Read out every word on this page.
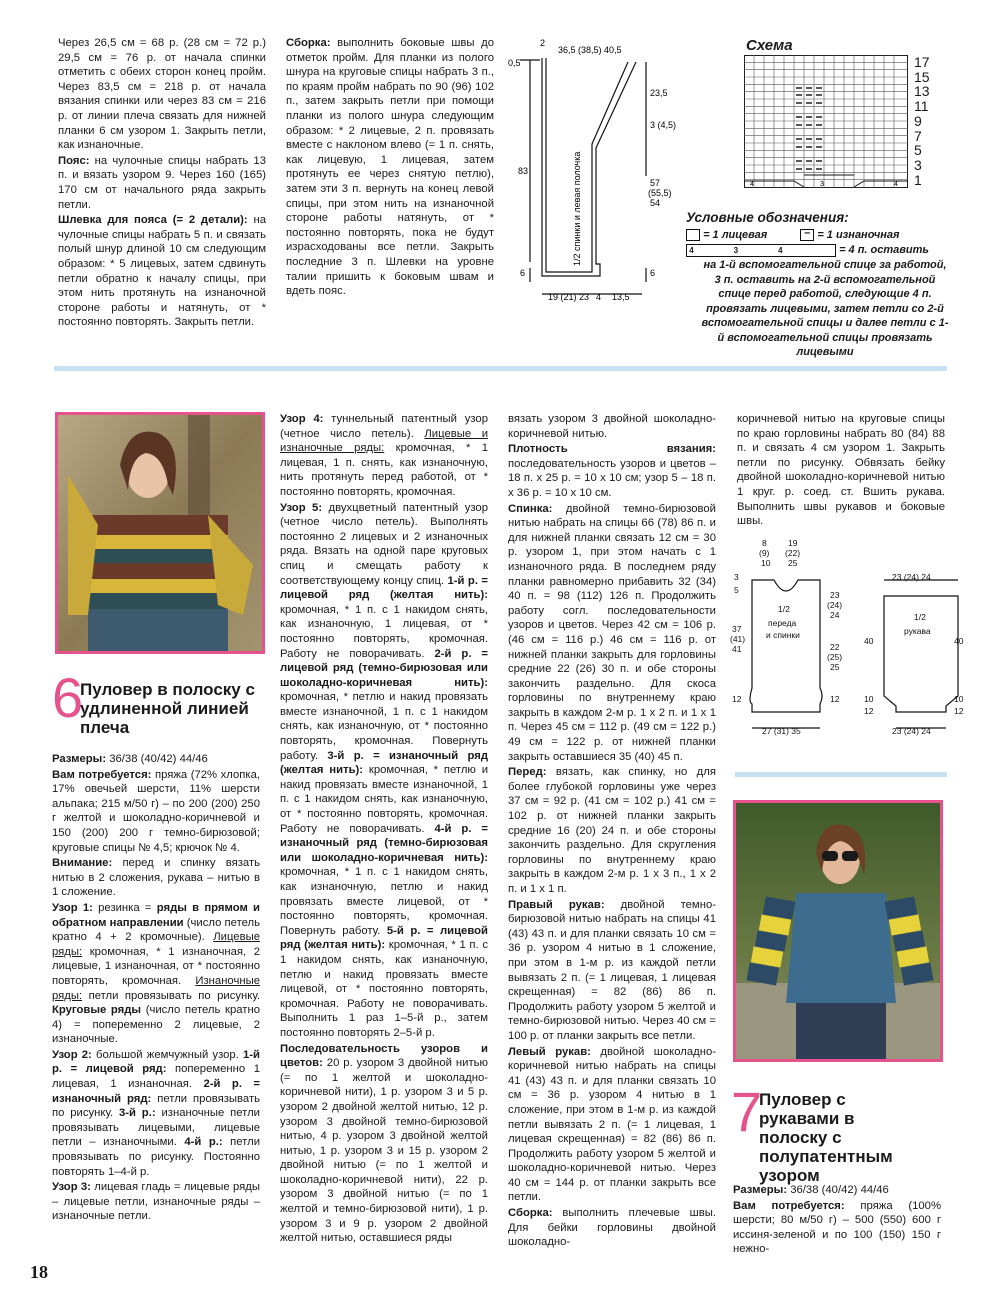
Через 26,5 см = 68 р. (28 см = 72 р.) 29,5 см = 76 р. от начала спинки отметить с обеих сторон конец пройм. Через 83,5 см = 218 р. от начала вязания спинки или через 83 см = 216 р. от линии плеча связать для нижней планки 6 см узором 1. Закрыть петли, как изнаночные.

Пояс: на чулочные спицы набрать 13 п. и вязать узором 9. Через 160 (165) 170 см от начального ряда закрыть петли.

Шлевка для пояса (= 2 детали): на чулочные спицы набрать 5 п. и связать полый шнур длиной 10 см следующим образом: * 5 лицевых, затем сдвинуть петли обратно к началу спицы, при этом нить протянуть на изнаночной стороне работы и натянуть, от * постоянно повторять. Закрыть петли.

Сборка: выполнить боковые швы до отметок пройм. Для планки из полого шнура на круговые спицы набрать 3 п., по краям пройм набрать по 90 (96) 102 п., затем закрыть петли при помощи планки из полого шнура следующим образом: * 2 лицевые, 2 п. провязать вместе с наклоном влево (= 1 п. снять, как лицевую, 1 лицевая, затем протянуть ее через снятую петлю), затем эти 3 п. вернуть на конец левой спицы, при этом нить на изнаночной стороне работы натянуть, от * постоянно повторять, пока не будут израсходованы все петли. Закрыть последние 3 п. Шлевки на уровне талии пришить к боковым швам и вдеть пояс.

2
36,5 (38,5) 40,5
0,5
23,5
3 (4,5)
83
57
(55,5)
54
6	6
19 (21) 23 4 13,5
1/2 спинки и левая полочка
Схема
4	3	4
17
15
13
11
9
7
5
3
1
Условные обозначения:
= 1 лицевая	– = 1 изнаночная
4                  3                  4	= 4 п. оставить
на 1-й вспомогательной спице за работой, 3 п. оставить на 2-й вспомогательной спице перед работой, следующие 4 п. провязать лицевыми, затем петли со 2-й вспомогательной спицы и далее петли с 1-й вспомогательной спицы провязать лицевыми
6
Пуловер в полоску с удлиненной линией плеча

Размеры: 36/38 (40/42) 44/46

Вам потребуется: пряжа (72% хлопка, 17% овечьей шерсти, 11% шерсти альпака; 215 м/50 г) – по 200 (200) 250 г желтой и шоколадно-коричневой и 150 (200) 200 г темно-бирюзовой; круговые спицы № 4,5; крючок № 4.

Внимание: перед и спинку вязать нитью в 2 сложения, рукава – нитью в 1 сложение.

Узор 1: резинка = ряды в прямом и обратном направлении (число петель кратно 4 + 2 кромочные). Лицевые ряды: кромочная, * 1 изнаночная, 2 лицевые, 1 изнаночная, от * постоянно повторять, кромочная. Изнаночные ряды: петли провязывать по рисунку. Круговые ряды (число петель кратно 4) = попеременно 2 лицевые, 2 изнаночные.

Узор 2: большой жемчужный узор. 1-й р. = лицевой ряд: попеременно 1 лицевая, 1 изнаночная. 2-й р. = изнаночный ряд: петли провязывать по рисунку. 3-й р.: изнаночные петли провязывать лицевыми, лицевые петли – изнаночными. 4-й р.: петли провязывать по рисунку. Постоянно повторять 1–4-й р.

Узор 3: лицевая гладь = лицевые ряды – лицевые петли, изнаночные ряды – изнаночные петли.

Узор 4: туннельный патентный узор (четное число петель). Лицевые и изнаночные ряды: кромочная, * 1 лицевая, 1 п. снять, как изнаночную, нить протянуть перед работой, от * постоянно повторять, кромочная.

Узор 5: двухцветный патентный узор (четное число петель). Выполнять постоянно 2 лицевых и 2 изнаночных ряда. Вязать на одной паре круговых спиц и смещать работу к соответствующему концу спиц. 1-й р. = лицевой ряд (желтая нить): кромочная, * 1 п. с 1 накидом снять, как изнаночную, 1 лицевая, от * постоянно повторять, кромочная. Работу не поворачивать. 2-й р. = лицевой ряд (темно-бирюзовая или шоколадно-коричневая нить): кромочная, * петлю и накид провязать вместе изнаночной, 1 п. с 1 накидом снять, как изнаночную, от * постоянно повторять, кромочная. Повернуть работу. 3-й р. = изнаночный ряд (желтая нить): кромочная, * петлю и накид провязать вместе изнаночной, 1 п. с 1 накидом снять, как изнаночную, от * постоянно повторять, кромочная. Работу не поворачивать. 4-й р. = изнаночный ряд (темно-бирюзовая или шоколадно-коричневая нить): кромочная, * 1 п. с 1 накидом снять, как изнаночную, петлю и накид провязать вместе лицевой, от * постоянно повторять, кромочная. Повернуть работу. 5-й р. = лицевой ряд (желтая нить): кромочная, * 1 п. с 1 накидом снять, как изнаночную, петлю и накид провязать вместе лицевой, от * постоянно повторять, кромочная. Работу не поворачивать. Выполнить 1 раз 1–5-й р., затем постоянно повторять 2–5-й р.

Последовательность узоров и цветов: 20 р. узором 3 двойной нитью (= по 1 желтой и шоколадно-коричневой нити), 1 р. узором 3 и 5 р. узором 2 двойной желтой нитью, 12 р. узором 3 двойной темно-бирюзовой нитью, 4 р. узором 3 двойной желтой нитью, 1 р. узором 3 и 15 р. узором 2 двойной нитью (= по 1 желтой и шоколадно-коричневой нити), 22 р. узором 3 двойной нитью (= по 1 желтой и темно-бирюзовой нити), 1 р. узором 3 и 9 р. узором 2 двойной желтой нитью, оставшиеся ряды

вязать узором 3 двойной шоколадно-коричневой нитью.

Плотность вязания: последовательность узоров и цветов – 18 п. х 25 р. = 10 х 10 см; узор 5 – 18 п. х 36 р. = 10 х 10 см.

Спинка: двойной темно-бирюзовой нитью набрать на спицы 66 (78) 86 п. и для нижней планки связать 12 см = 30 р. узором 1, при этом начать с 1 изнаночного ряда. В последнем ряду планки равномерно прибавить 32 (34) 40 п. = 98 (112) 126 п. Продолжить работу согл. последовательности узоров и цветов. Через 42 см = 106 р. (46 см = 116 р.) 46 см = 116 р. от нижней планки закрыть для горловины средние 22 (26) 30 п. и обе стороны закончить раздельно. Для скоса горловины по внутреннему краю закрыть в каждом 2-м р. 1 х 2 п. и 1 х 1 п. Через 45 см = 112 р. (49 см = 122 р.) 49 см = 122 р. от нижней планки закрыть оставшиеся 35 (40) 45 п.

Перед: вязать, как спинку, но для более глубокой горловины уже через 37 см = 92 р. (41 см = 102 р.) 41 см = 102 р. от нижней планки закрыть средние 16 (20) 24 п. и обе стороны закончить раздельно. Для скругления горловины по внутреннему краю закрыть в каждом 2-м р. 1 х 3 п., 1 х 2 п. и 1 х 1 п.

Правый рукав: двойной темно-бирюзовой нитью набрать на спицы 41 (43) 43 п. и для планки связать 10 см = 36 р. узором 4 нитью в 1 сложение, при этом в 1-м р. из каждой петли вывязать 2 п. (= 1 лицевая, 1 лицевая скрещенная) = 82 (86) 86 п. Продолжить работу узором 5 желтой и темно-бирюзовой нитью. Через 40 см = 100 р. от планки закрыть все петли.

Левый рукав: двойной шоколадно-коричневой нитью набрать на спицы 41 (43) 43 п. и для планки связать 10 см = 36 р. узором 4 нитью в 1 сложение, при этом в 1-м р. из каждой петли вывязать 2 п. (= 1 лицевая, 1 лицевая скрещенная) = 82 (86) 86 п. Продолжить работу узором 5 желтой и шоколадно-коричневой нитью. Через 40 см = 144 р. от планки закрыть все петли.

Сборка: выполнить плечевые швы. Для бейки горловины двойной шоколадно-

коричневой нитью на круговые спицы по краю горловины набрать 80 (84) 88 п. и связать 4 см узором 1. Закрыть петли по рисунку. Обвязать бейку двойной шоколадно-коричневой нитью 1 круг. р. соед. ст. Вшить рукава. Выполнить швы рукавов и боковые швы.

8
(9)
10
19
(22)
25
3
5	23
(24)
24
37
(41)
41	22
(25)
25
12	12
27 (31) 35
1/2
переда
и спинки
23 (24) 24
1/2
рукава
40	40
10	10
12	12
23 (24) 24
7
Пуловер с рукавами в полоску с полупатентным узором

Размеры: 36/38 (40/42) 44/46

Вам потребуется: пряжа (100% шерсти; 80 м/50 г) – 500 (550) 600 г иссиня-зеленой и по 100 (150) 150 г нежно-

18
